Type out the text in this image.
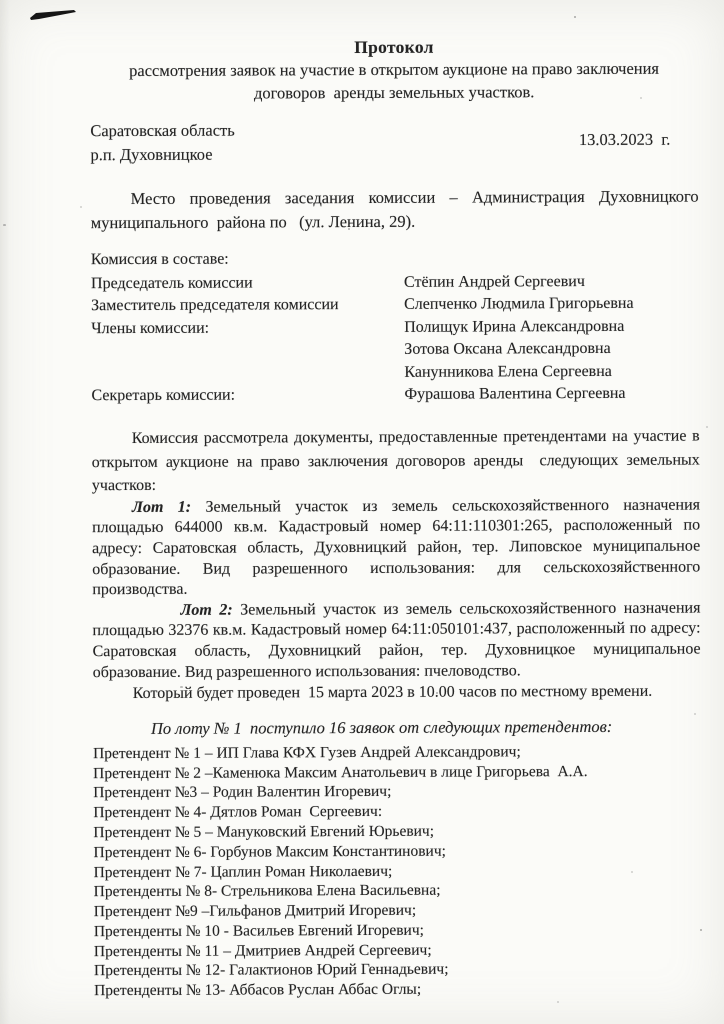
Протокол
рассмотрения заявок на участие в открытом аукционе на право заключения
договоров  аренды земельных участков.
Саратовская область
р.п. Духовницкое
13.03.2023  г.
Место проведения заседания комиссии – Администрация Духовницкого муниципального  района по   (ул. Ленина, 29).
Комиссия в составе:
Председатель комиссии	Стёпин Андрей Сергеевич
Заместитель председателя комиссии	Слепченко Людмила Григорьевна
Члены комиссии:	Полищук Ирина Александровна
Зотова Оксана Александровна
Канунникова Елена Сергеевна
Секретарь комиссии:	Фурашова Валентина Сергеевна

Комиссия рассмотрела документы, предоставленные претендентами на участие в открытом аукционе на право заключения договоров аренды  следующих земельных участков:

Лот 1: Земельный участок из земель сельскохозяйственного назначения площадью 644000 кв.м. Кадастровый номер 64:11:110301:265, расположенный по адресу: Саратовская область, Духовницкий район, тер. Липовское муниципальное образование. Вид разрешенного использования: для сельскохозяйственного производства.

Лот 2: Земельный участок из земель сельскохозяйственного назначения площадью 32376 кв.м. Кадастровый номер 64:11:050101:437, расположенный по адресу: Саратовская область, Духовницкий район, тер. Духовницкое муниципальное образование. Вид разрешенного использования: пчеловодство.

Который будет проведен  15 марта 2023 в 10.00 часов по местному времени.

По лоту № 1  поступило 16 заявок от следующих претендентов:
Претендент № 1 – ИП Глава КФХ Гузев Андрей Александрович;
Претендент № 2 –Каменюка Максим Анатольевич в лице Григорьева  А.А.
Претендент №3 – Родин Валентин Игоревич;
Претендент № 4- Дятлов Роман  Сергеевич:
Претендент № 5 – Мануковский Евгений Юрьевич;
Претендент № 6- Горбунов Максим Константинович;
Претендент № 7- Цаплин Роман Николаевич;
Претенденты № 8- Стрельникова Елена Васильевна;
Претендент №9 –Гильфанов Дмитрий Игоревич;
Претенденты № 10 - Васильев Евгений Игоревич;
Претенденты № 11 – Дмитриев Андрей Сергеевич;
Претенденты № 12- Галактионов Юрий Геннадьевич;
Претенденты № 13- Аббасов Руслан Аббас Оглы;
